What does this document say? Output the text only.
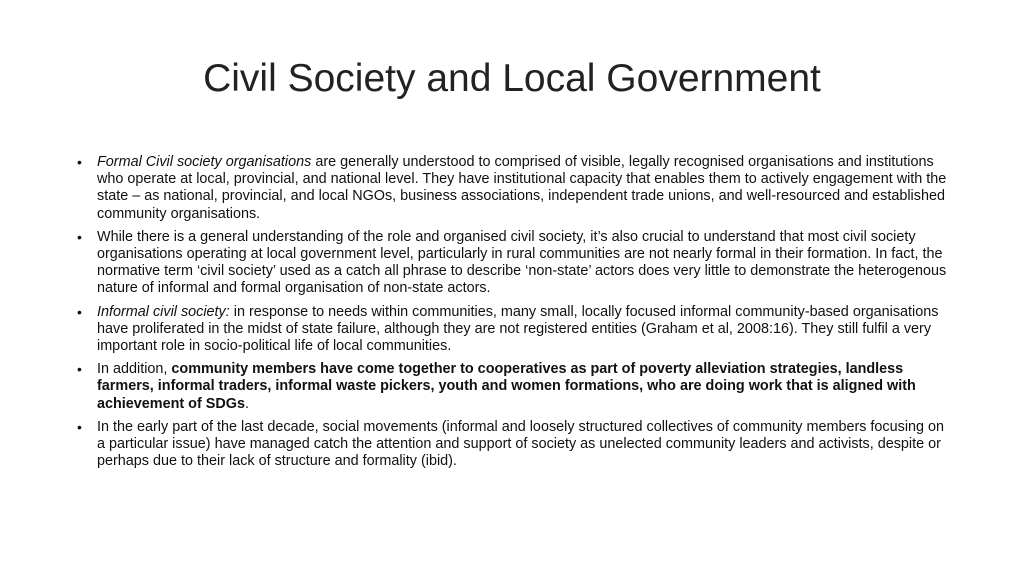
Civil Society and Local Government
• Formal Civil society organisations are generally understood to comprised of visible, legally recognised organisations and institutions who operate at local, provincial, and national level. They have institutional capacity that enables them to actively engagement with the state – as national, provincial, and local NGOs, business associations, independent trade unions, and well-resourced and established community organisations.
• While there is a general understanding of the role and organised civil society, it’s also crucial to understand that most civil society organisations operating at local government level, particularly in rural communities are not nearly formal in their formation. In fact, the normative term ‘civil society’ used as a catch all phrase to describe ‘non-state’ actors does very little to demonstrate the heterogenous nature of informal and formal organisation of non-state actors.
• Informal civil society: in response to needs within communities, many small, locally focused informal community-based organisations have proliferated in the midst of state failure, although they are not registered entities (Graham et al, 2008:16). They still fulfil a very important role in socio-political life of local communities.
• In addition, community members have come together to cooperatives as part of poverty alleviation strategies, landless farmers, informal traders, informal waste pickers, youth and women formations, who are doing work that is aligned with achievement of SDGs.
• In the early part of the last decade, social movements (informal and loosely structured collectives of community members focusing on a particular issue) have managed catch the attention and support of society as unelected community leaders and activists, despite or perhaps due to their lack of structure and formality (ibid).
